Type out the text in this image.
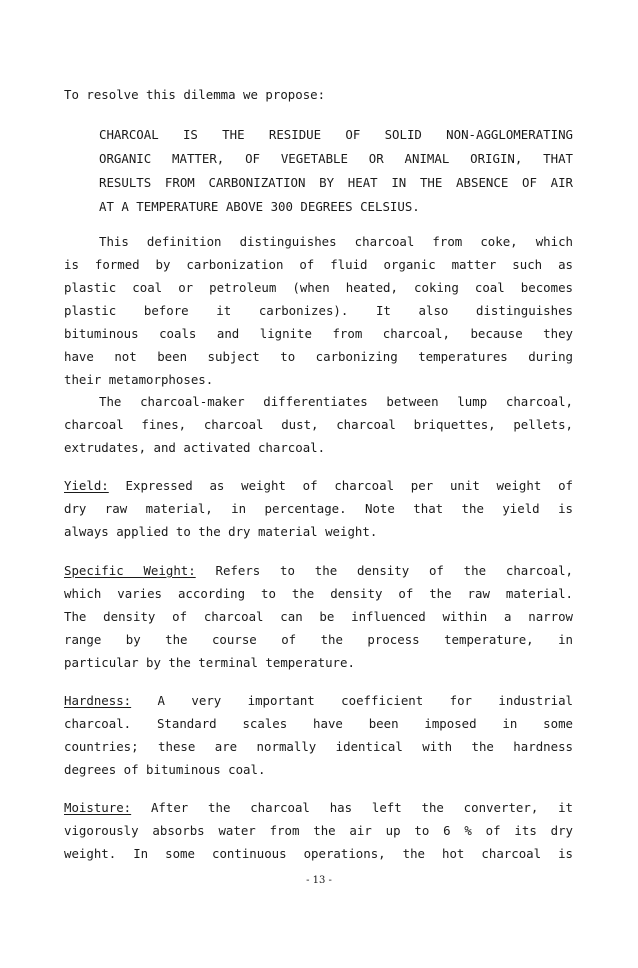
To resolve this dilemma we propose:
CHARCOAL IS THE RESIDUE OF SOLID NON-AGGLOMERATING
ORGANIC MATTER, OF VEGETABLE OR ANIMAL ORIGIN, THAT
RESULTS FROM CARBONIZATION BY HEAT IN THE ABSENCE OF AIR
AT A TEMPERATURE ABOVE 300 DEGREES CELSIUS.
This definition distinguishes charcoal from coke, which
is formed by carbonization of fluid organic matter such as
plastic coal or petroleum (when heated, coking coal becomes
plastic before it carbonizes). It also distinguishes
bituminous coals and lignite from charcoal, because they
have not been subject to carbonizing temperatures during
their metamorphoses.
The charcoal-maker differentiates between lump charcoal,
charcoal fines, charcoal dust, charcoal briquettes, pellets,
extrudates, and activated charcoal.
Yield: Expressed as weight of charcoal per unit weight of
dry raw material, in percentage. Note that the yield is
always applied to the dry material weight.
Specific Weight: Refers to the density of the charcoal,
which varies according to the density of the raw material.
The density of charcoal can be influenced within a narrow
range by the course of the process temperature, in
particular by the terminal temperature.
Hardness: A very important coefficient for industrial
charcoal. Standard scales have been imposed in some
countries; these are normally identical with the hardness
degrees of bituminous coal.
Moisture: After the charcoal has left the converter, it
vigorously absorbs water from the air up to 6 % of its dry
weight. In some continuous operations, the hot charcoal is
- 13 -
